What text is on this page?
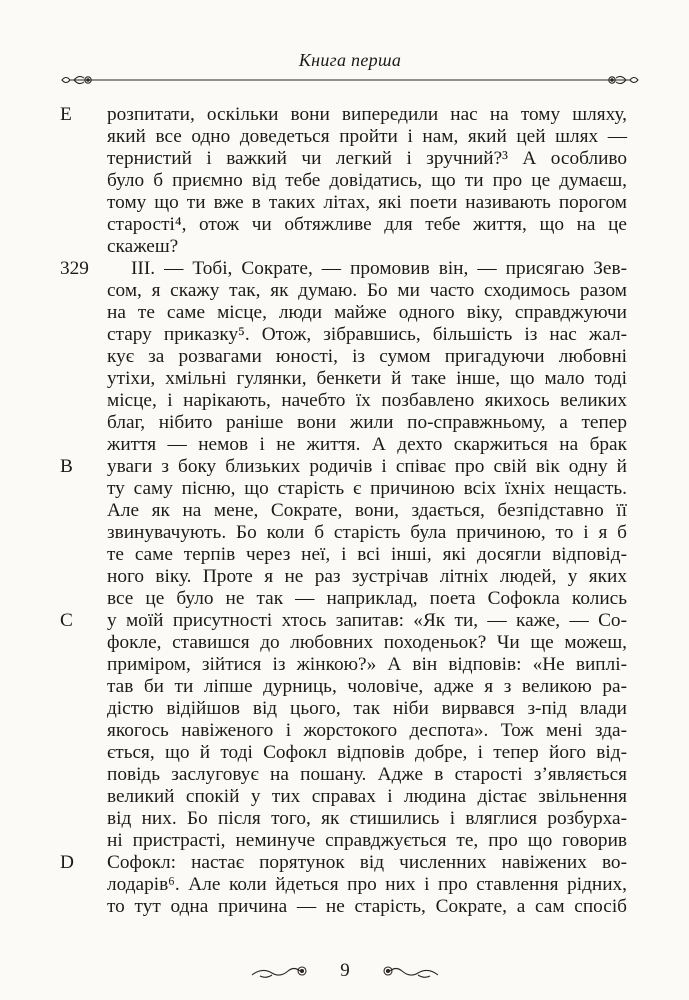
Книга перша
E
329
B
C
D
розпитати, оскільки вони випередили нас на тому шляху,
який все одно доведеться пройти і нам, який цей шлях —
тернистий і важкий чи легкий і зручний?³ А особливо
було б приємно від тебе довідатись, що ти про це думаєш,
тому що ти вже в таких літах, які поети називають порогом
старості⁴, отож чи обтяжливе для тебе життя, що на це
скажеш?
III. — Тобі, Сократе, — промовив він, — присягаю Зев-
сом, я скажу так, як думаю. Бо ми часто сходимось разом
на те саме місце, люди майже одного віку, справджуючи
стару приказку⁵. Отож, зібравшись, більшість із нас жал-
кує за розвагами юності, із сумом пригадуючи любовні
утіхи, хмільні гулянки, бенкети й таке інше, що мало тоді
місце, і нарікають, начебто їх позбавлено якихось великих
благ, нібито раніше вони жили по-справжньому, а тепер
життя — немов і не життя. А дехто скаржиться на брак
уваги з боку близьких родичів і співає про свій вік одну й
ту саму пісню, що старість є причиною всіх їхніх нещасть.
Але як на мене, Сократе, вони, здається, безпідставно її
звинувачують. Бо коли б старість була причиною, то і я б
те саме терпів через неї, і всі інші, які досягли відповід-
ного віку. Проте я не раз зустрічав літніх людей, у яких
все це було не так — наприклад, поета Софокла колись
у моїй присутності хтось запитав: «Як ти, — каже, — Со-
фокле, ставишся до любовних походеньок? Чи ще можеш,
приміром, зійтися із жінкою?» А він відповів: «Не виплі-
тав би ти ліпше дурниць, чоловіче, адже я з великою ра-
дістю відійшов від цього, так ніби вирвався з-під влади
якогось навіженого і жорстокого деспота». Тож мені зда-
ється, що й тоді Софокл відповів добре, і тепер його від-
повідь заслуговує на пошану. Адже в старості з’являється
великий спокій у тих справах і людина дістає звільнення
від них. Бо після того, як стишились і вляглися розбурха-
ні пристрасті, неминуче справджується те, про що говорив
Софокл: настає порятунок від численних навіжених во-
лодарів⁶. Але коли йдеться про них і про ставлення рідних,
то тут одна причина — не старість, Сократе, а сам спосіб
9
